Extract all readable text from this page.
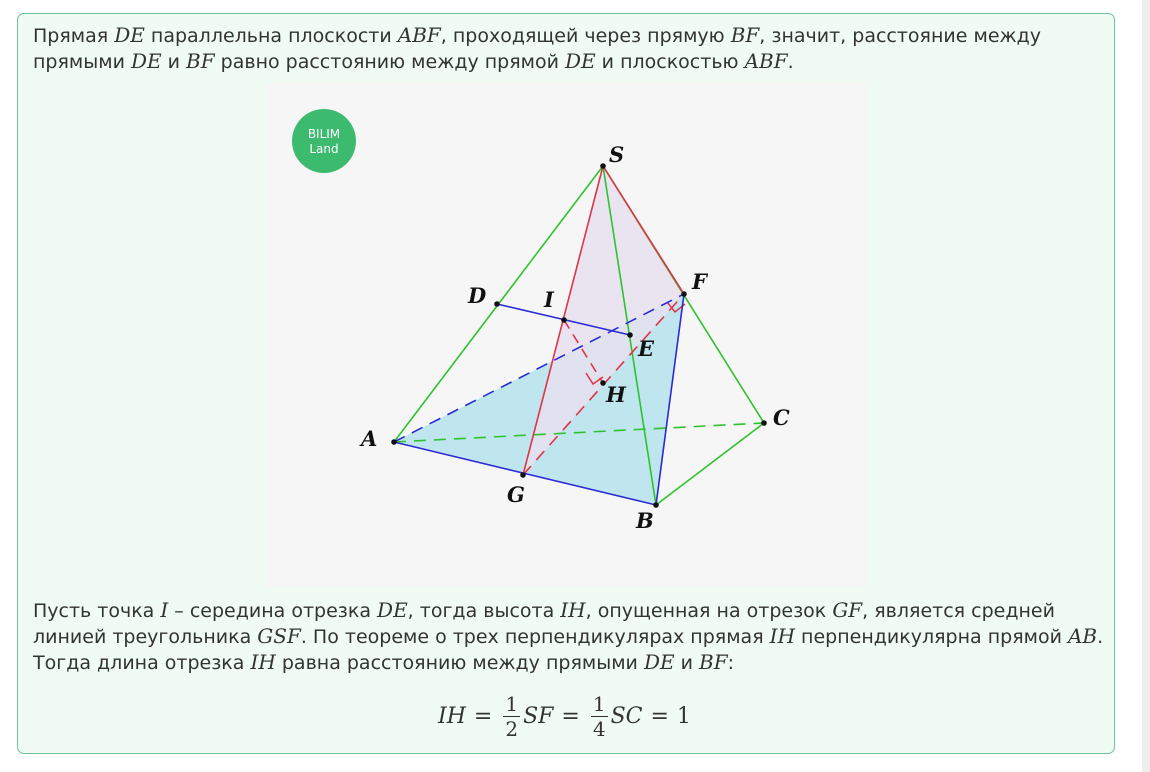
Прямая DE параллельна плоскости ABF, проходящей через прямую BF, значит, расстояние между прямыми DE и BF равно расстоянию между прямой DE и плоскостью ABF.

S
D	I
F
E
H
A
C
G
B
BILIM
Land

Пусть точка I – середина отрезка DE, тогда высота IH, опущенная на отрезок GF, является средней линией треугольника GSF. По теореме о трех перпендикулярах прямая IH перпендикулярна прямой AB. Тогда длина отрезка IH равна расстоянию между прямыми DE и BF:

IH = $\frac{1}{2}$ SF = $\frac{1}{4}$ SC = 1
